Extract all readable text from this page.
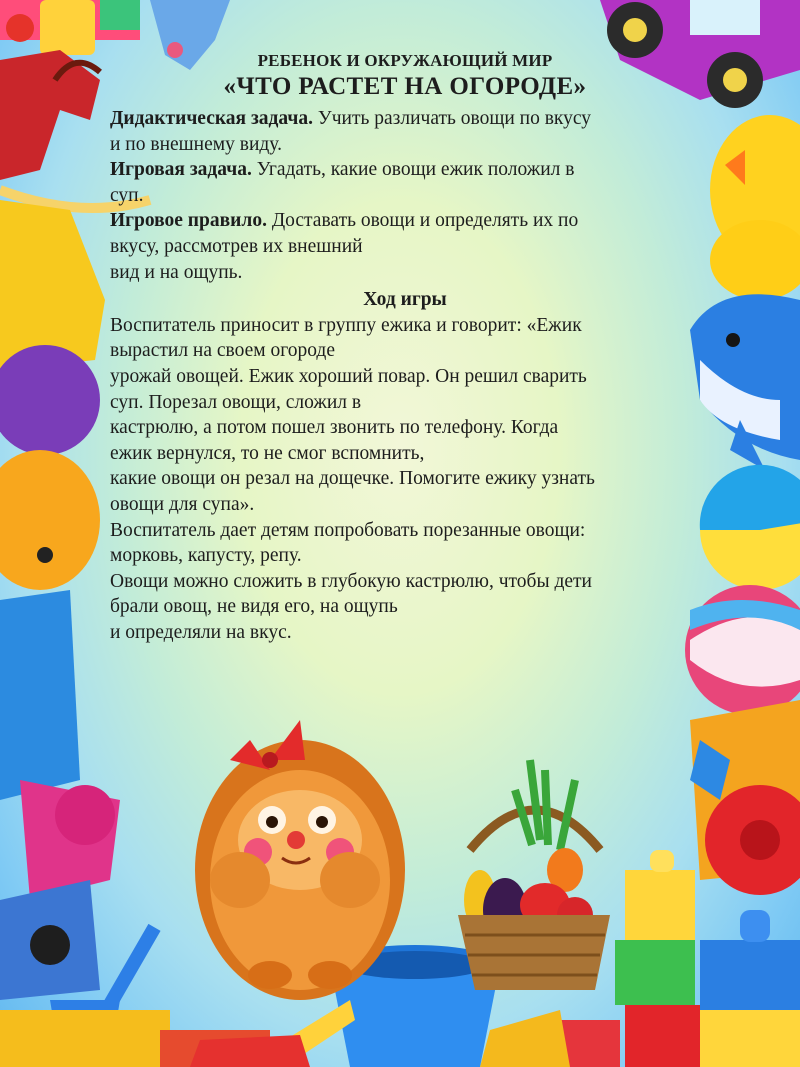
РЕБЕНОК И ОКРУЖАЮЩИЙ МИР

«ЧТО РАСТЕТ НА ОГОРОДЕ»

Дидактическая задача. Учить различать овощи по вкусу

и по внешнему виду.

Игровая задача. Угадать, какие овощи ежик положил в

суп.

Игровое правило. Доставать овощи и определять их по

вкусу, рассмотрев их внешний

вид и на ощупь.

Ход игры

Воспитатель приносит в группу ежика и говорит: «Ежик

вырастил на своем огороде

урожай овощей. Ежик хороший повар. Он решил сварить

суп. Порезал овощи, сложил в

кастрюлю, а потом пошел звонить по телефону. Когда

ежик вернулся, то не смог вспомнить,

какие овощи он резал на дощечке. Помогите ежику узнать

овощи для супа».

Воспитатель дает детям попробовать порезанные овощи:

морковь, капусту, репу.

Овощи можно сложить в глубокую кастрюлю, чтобы дети

брали овощ, не видя его, на ощупь

и определяли на вкус.
